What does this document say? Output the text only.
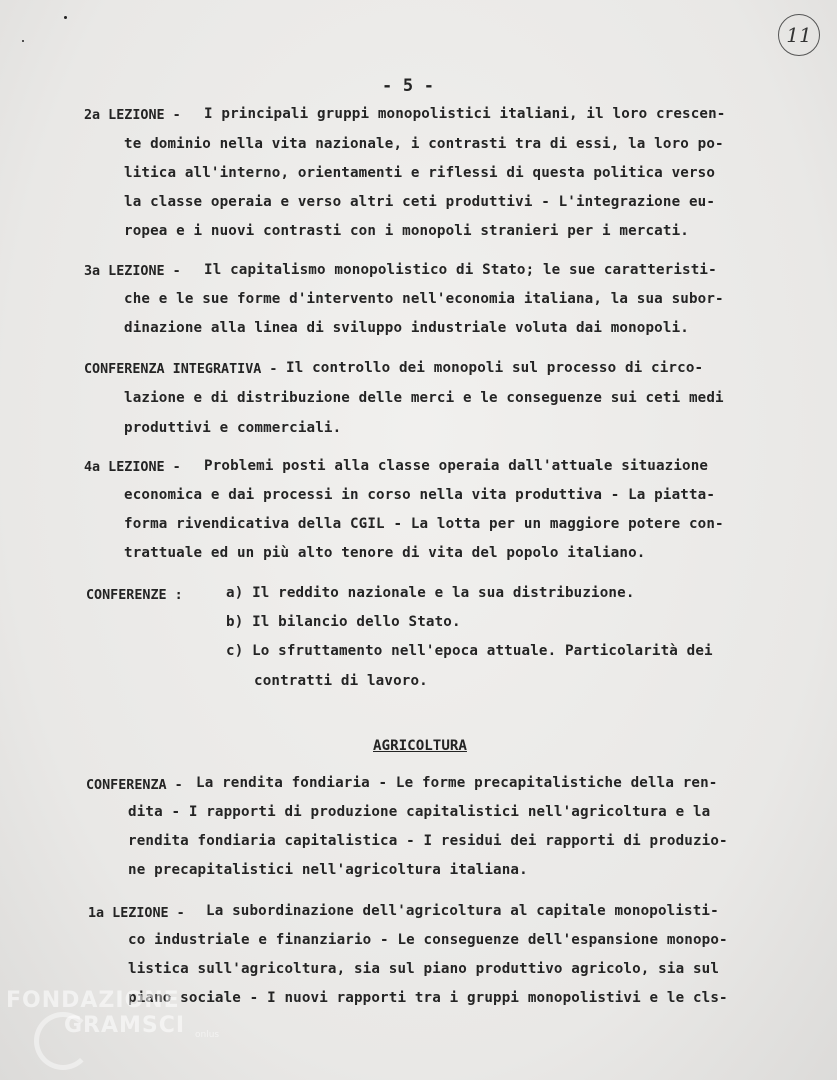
11
- 5 -
2a LEZIONE - I principali gruppi monopolistici italiani, il loro crescen-
te dominio nella vita nazionale, i contrasti tra di essi, la loro po-
litica all'interno, orientamenti e riflessi di questa politica verso
la classe operaia e verso altri ceti produttivi - L'integrazione eu-
ropea e i nuovi contrasti con i monopoli stranieri per i mercati.
3a LEZIONE - Il capitalismo monopolistico di Stato; le sue caratteristi-
che e le sue forme d'intervento nell'economia italiana, la sua subor-
dinazione alla linea di sviluppo industriale voluta dai monopoli.
CONFERENZA INTEGRATIVA - Il controllo dei monopoli sul processo di circo-
lazione e di distribuzione delle merci e le conseguenze sui ceti medi
produttivi e commerciali.
4a LEZIONE - Problemi posti alla classe operaia dall'attuale situazione
economica e dai processi in corso nella vita produttiva - La piatta-
forma rivendicativa della CGIL - La lotta per un maggiore potere con-
trattuale ed un più alto tenore di vita del popolo italiano.
CONFERENZE :	a) Il reddito nazionale e la sua distribuzione.
b) Il bilancio dello Stato.
c) Lo sfruttamento nell'epoca attuale. Particolarità dei
contratti di lavoro.
AGRICOLTURA
CONFERENZA - La rendita fondiaria - Le forme precapitalistiche della ren-
dita - I rapporti di produzione capitalistici nell'agricoltura e la
rendita fondiaria capitalistica - I residui dei rapporti di produzio-
ne precapitalistici nell'agricoltura italiana.
1a LEZIONE - La subordinazione dell'agricoltura al capitale monopolisti-
co industriale e finanziario - Le conseguenze dell'espansione monopo-
listica sull'agricoltura, sia sul piano produttivo agricolo, sia sul
piano sociale - I nuovi rapporti tra i gruppi monopolistivi e le cls-
FONDAZIONE
GRAMSCI onlus
